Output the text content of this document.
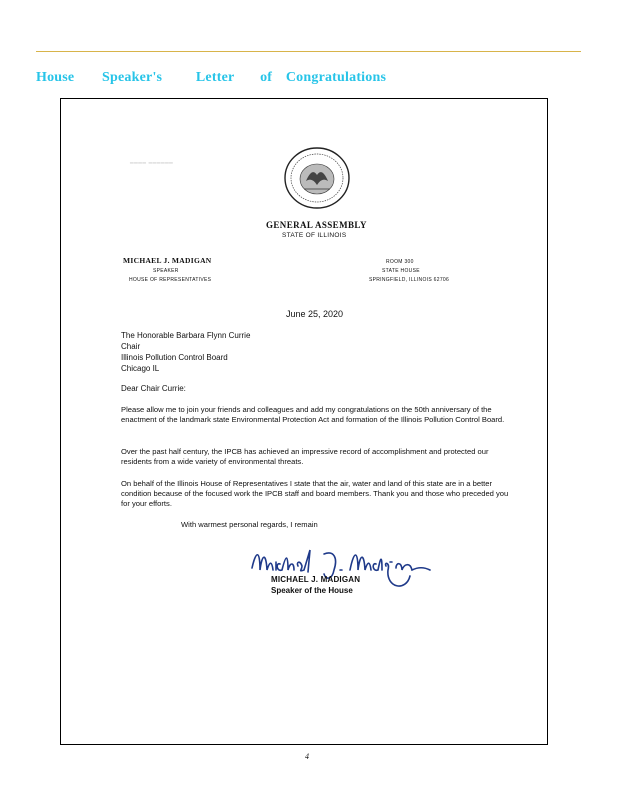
House Speaker's Letter of Congratulations
━━━━ ━━━━━━
GENERAL ASSEMBLY
STATE OF ILLINOIS
MICHAEL J. MADIGAN
SPEAKER
HOUSE OF REPRESENTATIVES
ROOM 300
STATE HOUSE
SPRINGFIELD, ILLINOIS 62706
June 25, 2020
The Honorable Barbara Flynn Currie
Chair
Illinois Pollution Control Board
Chicago IL
Dear Chair Currie:
Please allow me to join your friends and colleagues and add my congratulations on the 50th anniversary of the enactment of the landmark state Environmental Protection Act and formation of the Illinois Pollution Control Board.
Over the past half century, the IPCB has achieved an impressive record of accomplishment and protected our residents from a wide variety of environmental threats.
On behalf of the Illinois House of Representatives I state that the air, water and land of this state are in a better condition because of the focused work the IPCB staff and board members. Thank you and those who preceded you for your efforts.
With warmest personal regards, I remain
MICHAEL J. MADIGAN
Speaker of the House
4
